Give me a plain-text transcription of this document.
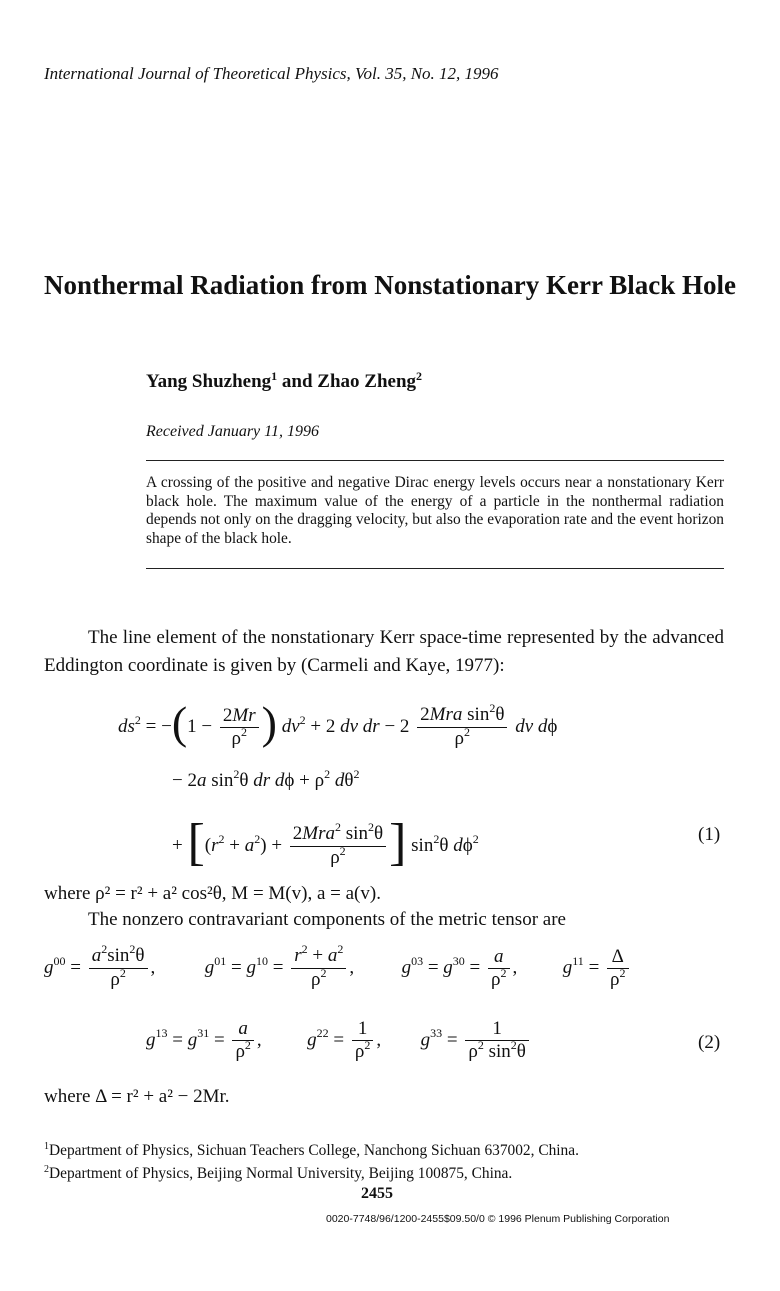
International Journal of Theoretical Physics, Vol. 35, No. 12, 1996
Nonthermal Radiation from Nonstationary Kerr Black Hole
Yang Shuzheng$^1$ and Zhao Zheng$^2$
Received January 11, 1996
A crossing of the positive and negative Dirac energy levels occurs near a nonstationary Kerr black hole. The maximum value of the energy of a particle in the nonthermal radiation depends not only on the dragging velocity, but also the evaporation rate and the event horizon shape of the black hole.
The line element of the nonstationary Kerr space-time represented by the advanced Eddington coordinate is given by (Carmeli and Kaye, 1977):
$ds^2 = -(1 - \frac{2Mr}{\rho^2}$ ) $dv^2 + 2$ dv dr − $2 \frac{2Mra \sin^2\theta}{\rho^2}$ dv dϕ
− 2a $\sin^2\theta$ dr $d\phi + \rho^2$ $d\theta^2$
+ [$(r^2 + a^2) + \frac{2Mra^2 \sin^2\theta}{\rho^2}$ ] $\sin^2\theta$ $d\phi^2$	(1)
where ρ² = r² + a² cos²θ, M = M(v), a = a(v).
The nonzero contravariant components of the metric tensor are
$g^{00} = \frac{a^2\sin^2\theta}{\rho^2}$ ,  $g^{01} = g^{10} = \frac{r^2 + a^2}{\rho^2}$ ,  $g^{03} = g^{30} = \frac{a}{\rho^2}$ ,  $g^{11} = \frac{\Delta}{\rho^2}$
$g^{13} = g^{31} = \frac{a}{\rho^2}$ ,  $g^{22} = \frac{1}{\rho^2}$ ,  $g^{33} = \frac{1}{\rho^2 \sin^2\theta}$	(2)
where Δ = r² + a² − 2Mr.
$^1$Department of Physics, Sichuan Teachers College, Nanchong Sichuan 637002, China.
$^2$Department of Physics, Beijing Normal University, Beijing 100875, China.
2455
0020-7748/96/1200-2455$09.50/0 © 1996 Plenum Publishing Corporation
